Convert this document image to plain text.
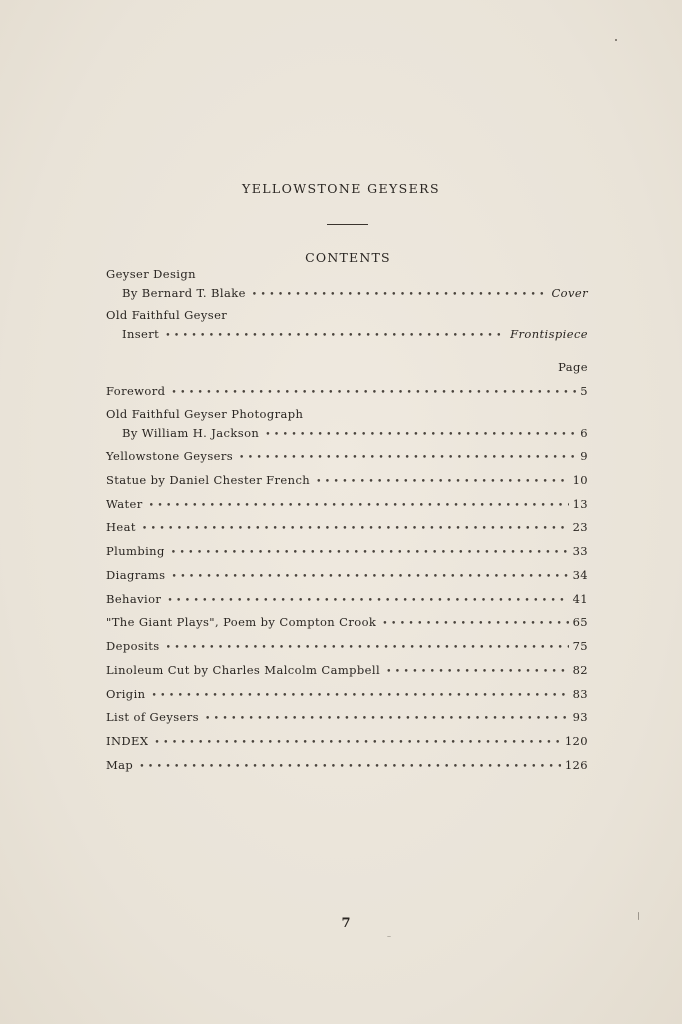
YELLOWSTONE GEYSERS
CONTENTS
Geyser Design
By Bernard T. Blake •••••	Cover
Old Faithful Geyser
Insert •••••	Frontispiece
Page
Foreword •••••	5
Old Faithful Geyser Photograph
By William H. Jackson •••••	6
Yellowstone Geysers •••••	9
Statue by Daniel Chester French •••••	10
Water •••••	13
Heat •••••	23
Plumbing •••••	33
Diagrams •••••	34
Behavior •••••	41
"The Giant Plays", Poem by Compton Crook •••••	65
Deposits •••••	75
Linoleum Cut by Charles Malcolm Campbell •••••	82
Origin •••••	83
List of Geysers •••••	93
INDEX •••••	120
Map •••••	126
7
